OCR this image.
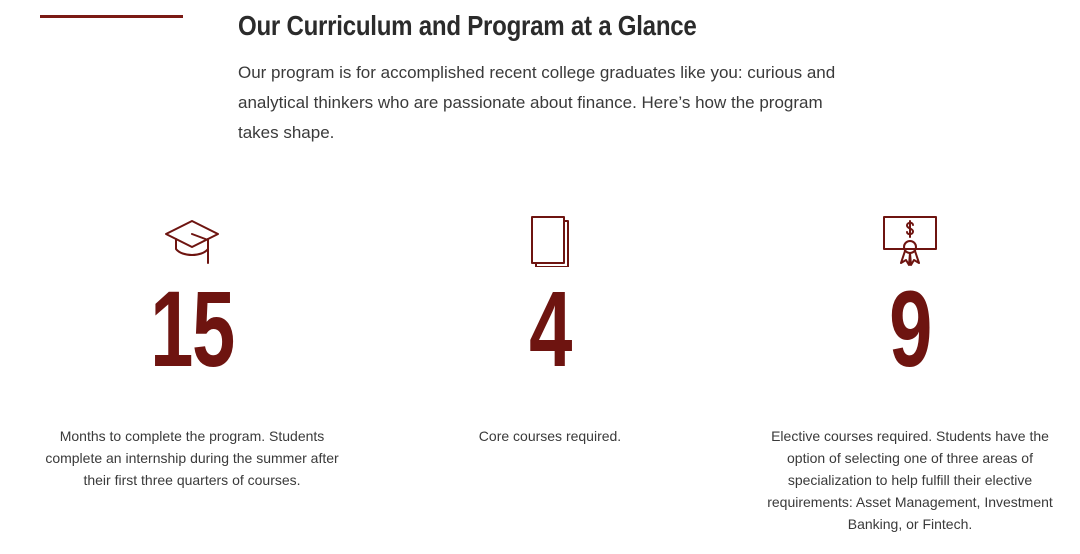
Our Curriculum and Program at a Glance

Our program is for accomplished recent college graduates like you: curious and analytical thinkers who are passionate about finance. Here’s how the program takes shape.

15

Months to complete the program. Students complete an internship during the summer after their first three quarters of courses.

4

Core courses required.

9

Elective courses required. Students have the option of selecting one of three areas of specialization to help fulfill their elective requirements: Asset Management, Investment Banking, or Fintech.
